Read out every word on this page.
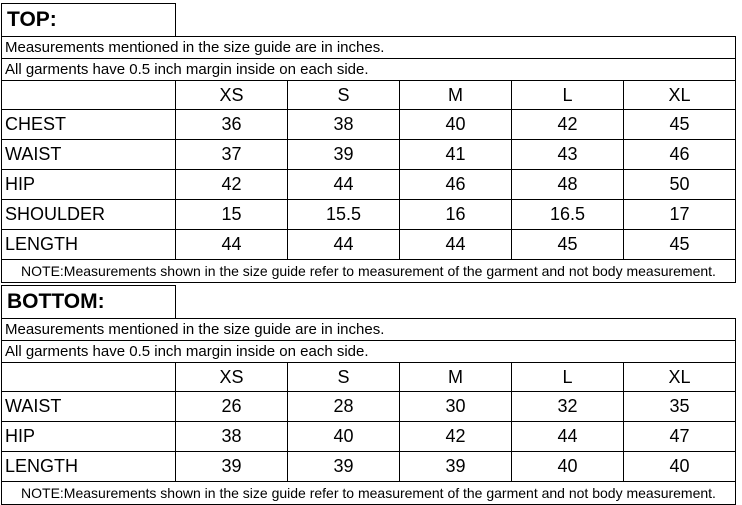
TOP:					
Measurements mentioned in the size guide are in inches.					
All garments have 0.5 inch margin inside on each side.					
	XS	S	M	L	XL
CHEST	36	38	40	42	45
WAIST	37	39	41	43	46
HIP	42	44	46	48	50
SHOULDER	15	15.5	16	16.5	17
LENGTH	44	44	44	45	45
NOTE:Measurements shown in the size guide refer to measurement of the garment and not body measurement.					
BOTTOM:					
Measurements mentioned in the size guide are in inches.					
All garments have 0.5 inch margin inside on each side.					
	XS	S	M	L	XL
WAIST	26	28	30	32	35
HIP	38	40	42	44	47
LENGTH	39	39	39	40	40
NOTE:Measurements shown in the size guide refer to measurement of the garment and not body measurement.					
